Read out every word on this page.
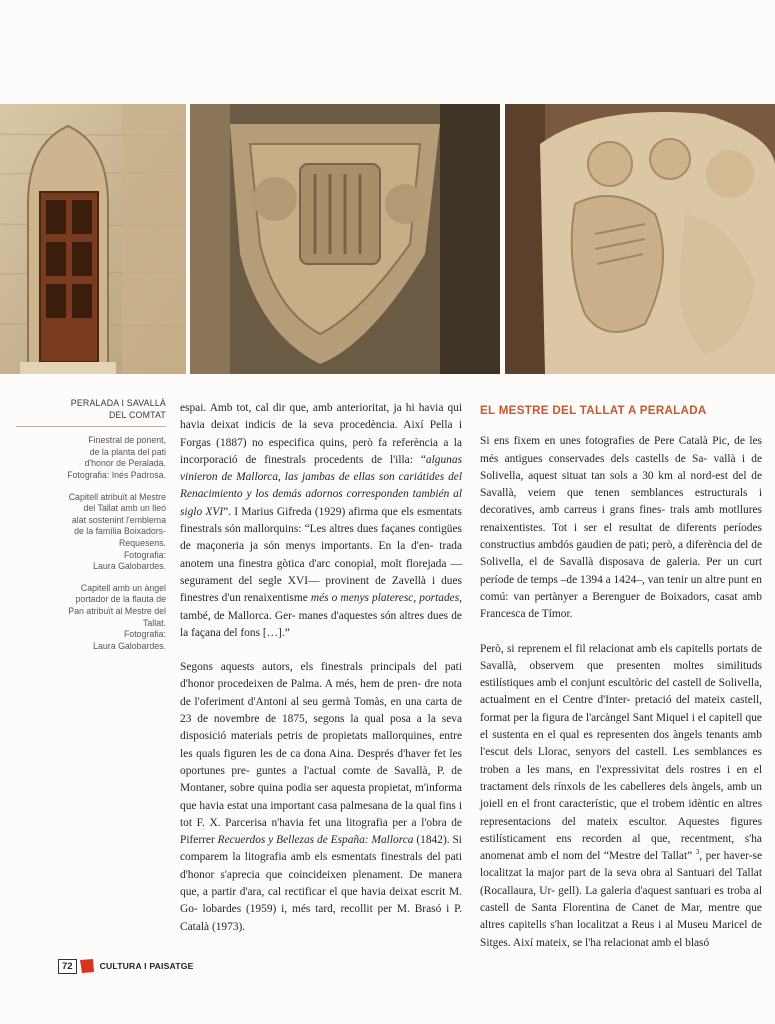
PERALADA I SAVALLÀ
DEL COMTAT
Finestral de ponent,
de la planta del pati
d'honor de Peralada.
Fotografia: Inés Padrosa.
Capitell atribuït al Mestre
del Tallat amb un lleó
alat sostenint l'emblema
de la família Boixadors-
Requesens.
Fotografia:
Laura Galobardes.
Capitell amb un àngel
portador de la flauta de
Pan atribuït al Mestre del
Tallat.
Fotografia:
Laura Galobardes.

espai. Amb tot, cal dir que, amb anterioritat, ja hi havia qui havia deixat indicis de la seva procedència. Així Pella i Forgas (1887) no especifica quins, però fa referència a la incorporació de finestrals procedents de l'illa: “algunas vinieron de Mallorca, las jambas de ellas son cariátides del Renacimiento y los demás adornos corresponden también al siglo XVI”. I Marius Gifreda (1929) afirma que els esmentats finestrals són mallorquins: “Les altres dues façanes contigües de maçoneria ja són menys importants. En la d'en- trada anotem una finestra gòtica d'arc conopial, molt florejada —segurament del segle XVI— provinent de Zavellà i dues finestres d'un renaixentisme més o menys plateresc, portades, també, de Mallorca. Ger- manes d'aquestes són altres dues de la façana del fons […].”

Segons aquests autors, els finestrals principals del pati d'honor procedeixen de Palma. A més, hem de pren- dre nota de l'oferiment d'Antoni al seu germà Tomàs, en una carta de 23 de novembre de 1875, segons la qual posa a la seva disposició materials petris de propietats mallorquines, entre les quals figuren les de ca dona Aina. Després d'haver fet les oportunes pre- guntes a l'actual comte de Savallà, P. de Montaner, sobre quina podia ser aquesta propietat, m'informa que havia estat una important casa palmesana de la qual fins i tot F. X. Parcerisa n'havia fet una litografia per a l'obra de Piferrer Recuerdos y Bellezas de España: Mallorca (1842). Si comparem la litografia amb els esmentats finestrals del pati d'honor s'aprecia que coincideixen plenament. De manera que, a partir d'ara, cal rectificar el que havia deixat escrit M. Go- lobardes (1959) i, més tard, recollit per M. Brasó i P. Català (1973).

EL MESTRE DEL TALLAT A PERALADA

Si ens fixem en unes fotografies de Pere Català Pic, de les més antigues conservades dels castells de Sa- vallà i de Solivella, aquest situat tan sols a 30 km al nord-est del de Savallà, veiem que tenen semblances estructurals i decoratives, amb carreus i grans fines- trals amb motllures renaixentistes. Tot i ser el resultat de diferents períodes constructius ambdós gaudien de pati; però, a diferència del de Solivella, el de Savallà disposava de galeria. Per un curt període de temps –de 1394 a 1424–, van tenir un altre punt en comú: van pertànyer a Berenguer de Boixadors, casat amb Francesca de Tímor.

Però, si reprenem el fil relacionat amb els capitells portats de Savallà, observem que presenten moltes similituds estilístiques amb el conjunt escultòric del castell de Solivella, actualment en el Centre d'Inter- pretació del mateix castell, format per la figura de l'arcàngel Sant Miquel i el capitell que el sustenta en el qual es representen dos àngels tenants amb l'escut dels Llorac, senyors del castell. Les semblances es troben a les mans, en l'expressivitat dels rostres i en el tractament dels rínxols de les cabelleres dels àngels, amb un joiell en el front característic, que el trobem idèntic en altres representacions del mateix escultor. Aquestes figures estilísticament ens recorden al que, recentment, s'ha anomenat amb el nom del “Mestre del Tallat” $^3$, per haver-se localitzat la major part de la seva obra al Santuari del Tallat (Rocallaura, Ur- gell). La galeria d'aquest santuari es troba al castell de Santa Florentina de Canet de Mar, mentre que altres capitells s'han localitzat a Reus i al Museu Maricel de Sitges. Així mateix, se l'ha relacionat amb el blasó

72	CULTURA I PAISATGE
